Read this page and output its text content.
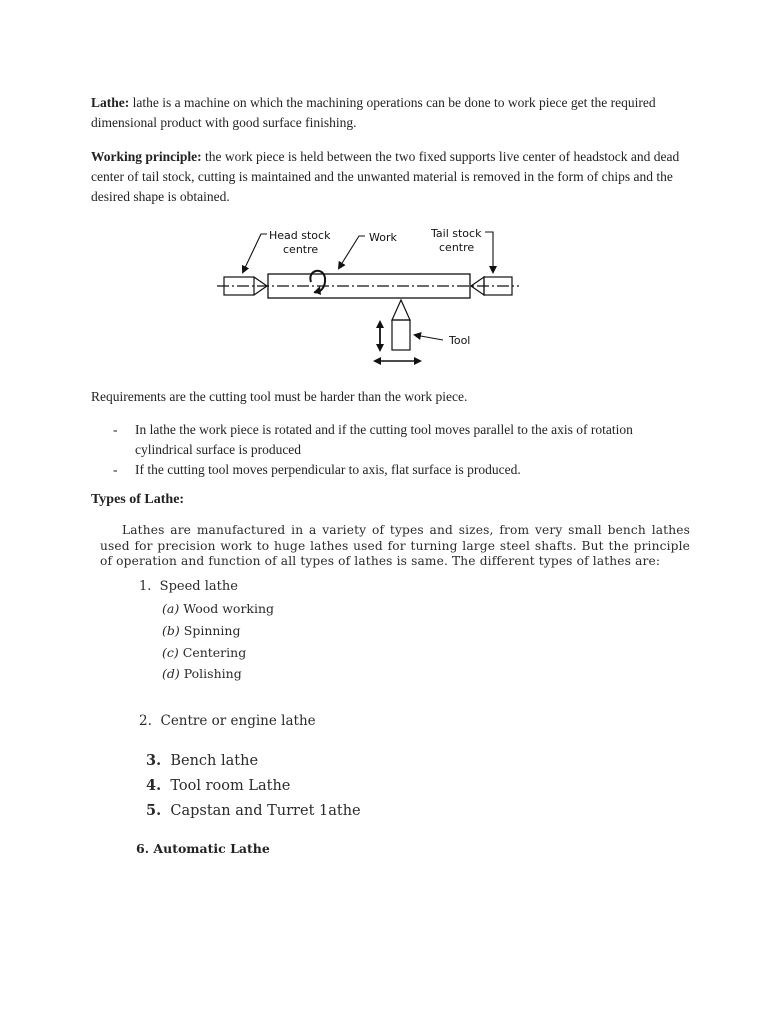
Lathe: lathe is a machine on which the machining operations can be done to work piece get the required dimensional product with good surface finishing.

Working principle: the work piece is held between the two fixed supports live center of headstock and dead center of tail stock, cutting is maintained and the unwanted material is removed in the form of chips and the desired shape is obtained.

Head stock
centre
Work	Tail stock
centre
Tool

Requirements are the cutting tool must be harder than the work piece.

- In lathe the work piece is rotated and if the cutting tool moves parallel to the axis of rotation cylindrical surface is produced
- If the cutting tool moves perpendicular to axis, flat surface is produced.
Types of Lathe:
Lathes are manufactured in a variety of types and sizes, from very small bench lathes used for precision work to huge lathes used for turning large steel shafts. But the principle of operation and function of all types of lathes is same. The different types of lathes are:
1. Speed lathe
(a) Wood working
(b) Spinning
(c) Centering
(d) Polishing
2. Centre or engine lathe
3. Bench lathe
4. Tool room Lathe
5. Capstan and Turret 1athe
6. Automatic Lathe
